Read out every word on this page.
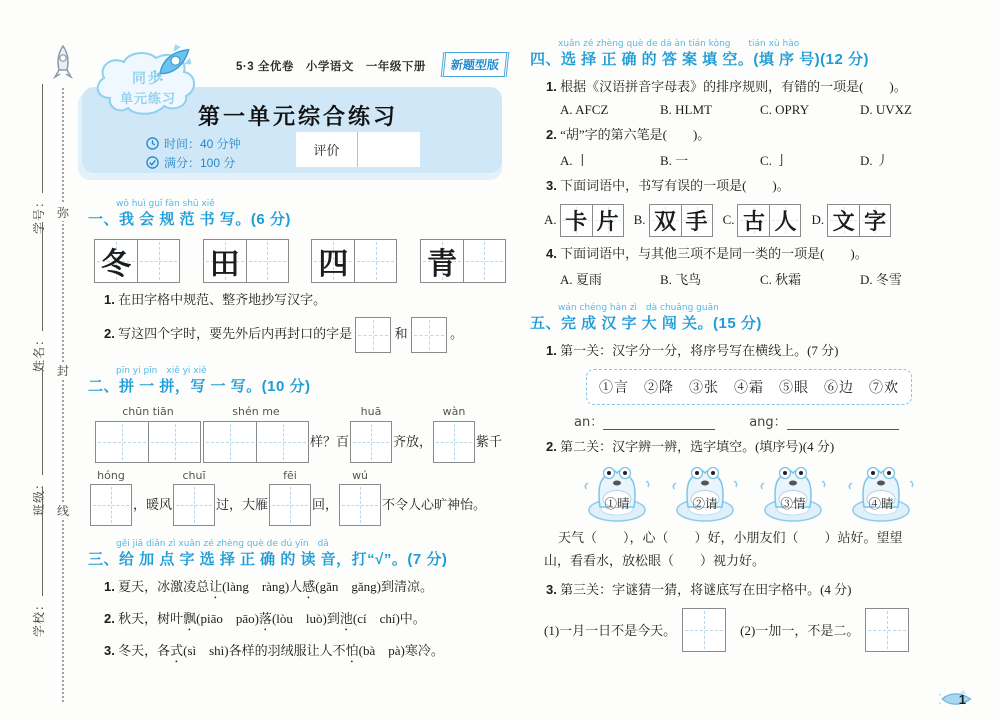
弥
封
线
学号：
姓名：
班级：
学校：
5·3 全优卷　小学语文　一年级下册	新题型版
第一单元综合练习
同步
单元练习
时间：40 分钟
满分：100 分
评价
wǒ huì guī fàn shū xiě
一、我 会 规 范 书 写。(6 分)
冬	田	四	青
1. 在田字格中规范、整齐地抄写汉字。
2. 写这四个字时，要先外后内再封口的字是	和	。
pīn yi pīn　xiě yi xiě
二、拼 一 拼，写 一 写。(10 分)
chūn tiān	shén me
样？百
huā
齐放，
wàn
紫千
hóng
，暖风
chuī
过，大雁
fēi
回，
wú
不令人心旷神怡。
gěi jiā diǎn zì xuǎn zé zhèng què de dú yīn　dǎ
三、给 加 点 字 选 择 正 确 的 读 音，打“√”。(7 分)
1. 夏天，冰激凌总让(làng　ràng)人感(gǎn　gǎng)到清凉。
2. 秋天，树叶飘(piāo　pāo)落(lòu　luò)到池(cí　chí)中。
3. 冬天，各式(sì　shì)各样的羽绒服让人不怕(bà　pà)寒冷。
xuǎn zé zhèng què de dá àn tián kòng　　tián xù hào
四、选 择 正 确 的 答 案 填 空。(填 序 号)(12 分)
1. 根据《汉语拼音字母表》的排序规则，有错的一项是(　　)。
A. AFCZ	B. HLMT	C. OPRY	D. UVXZ
2. “胡”字的第六笔是(　　)。
A. 丨	B. 一	C. 亅	D. 丿
3. 下面词语中，书写有误的一项是(　　)。
A. 卡 片	B. 双 手	C. 古 人	D. 文 字
4. 下面词语中，与其他三项不是同一类的一项是(　　)。
A. 夏雨	B. 飞鸟	C. 秋霜	D. 冬雪
wán chéng hàn zì　dà chuǎng guān
五、完 成 汉 字 大 闯 关。(15 分)
1. 第一关：汉字分一分，将序号写在横线上。(7 分)
①言　②降　③张　④霜　⑤眼　⑥边　⑦欢
an：	ang：
2. 第二关：汉字辨一辨，选字填空。(填序号)(4 分)
①晴	②请	③情	④睛
天气（　　），心（　　）好，小朋友们（　　）站好。望望
山，看看水，放松眼（　　）视力好。
3. 第三关：字谜猜一猜，将谜底写在田字格中。(4 分)
(1)一月一日不是今天。	(2)一加一，不是二。
1
